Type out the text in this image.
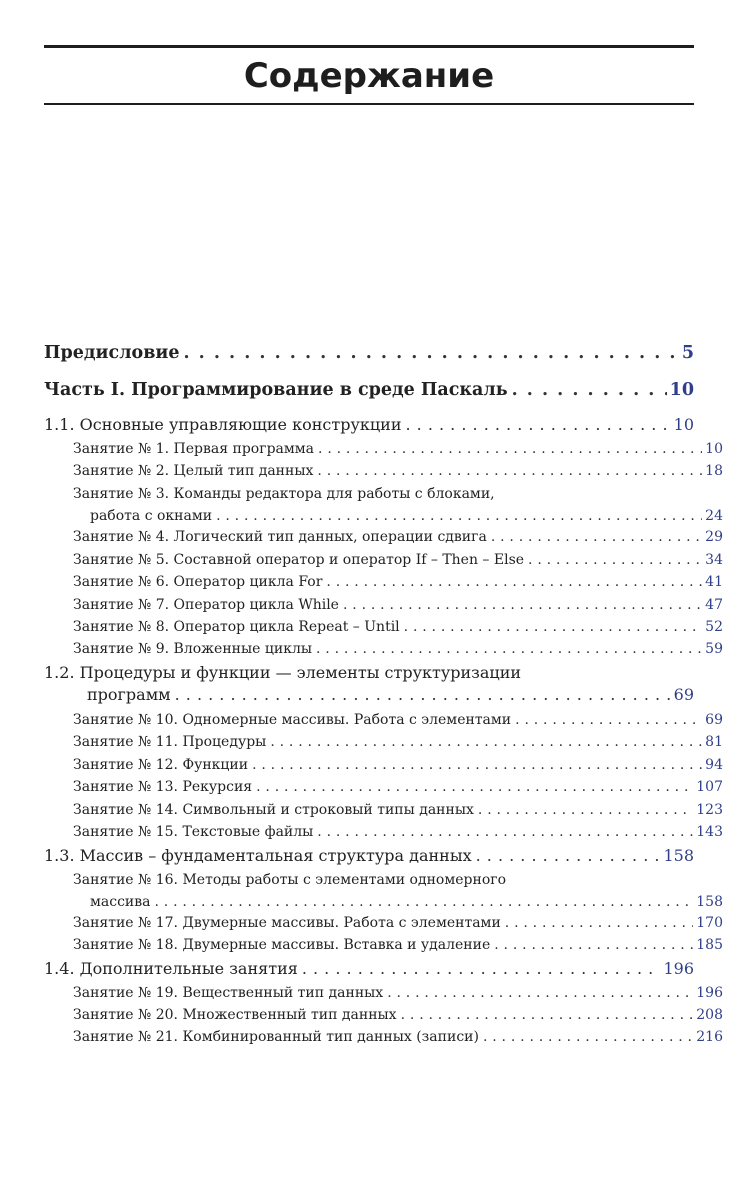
Содержание
Предисловие . . .	5
Часть I. Программирование в среде Паскаль . . .	10
1.1. Основные управляющие конструкции . . .	10
Занятие № 1. Первая программа . . .	10
Занятие № 2. Целый тип данных . . .	18
Занятие № 3. Команды редактора для работы с блоками,
работа с окнами . . .	24
Занятие № 4. Логический тип данных, операции сдвига . . .	29
Занятие № 5. Составной оператор и оператор If – Then – Else . . .	34
Занятие № 6. Оператор цикла For . . .	41
Занятие № 7. Оператор цикла While . . .	47
Занятие № 8. Оператор цикла Repeat – Until . . .	52
Занятие № 9. Вложенные циклы . . .	59
1.2. Процедуры и функции — элементы структуризации
программ . . .	69
Занятие № 10. Одномерные массивы. Работа с элементами . . .	69
Занятие № 11. Процедуры . . .	81
Занятие № 12. Функции . . .	94
Занятие № 13. Рекурсия . . .	107
Занятие № 14. Символьный и строковый типы данных . . .	123
Занятие № 15. Текстовые файлы . . .	143
1.3. Массив – фундаментальная структура данных . . .	158
Занятие № 16. Методы работы с элементами одномерного
массива . . .	158
Занятие № 17. Двумерные массивы. Работа с элементами . . .	170
Занятие № 18. Двумерные массивы. Вставка и удаление . . .	185
1.4. Дополнительные занятия . . .	196
Занятие № 19. Вещественный тип данных . . .	196
Занятие № 20. Множественный тип данных . . .	208
Занятие № 21. Комбинированный тип данных (записи) . . .	216
